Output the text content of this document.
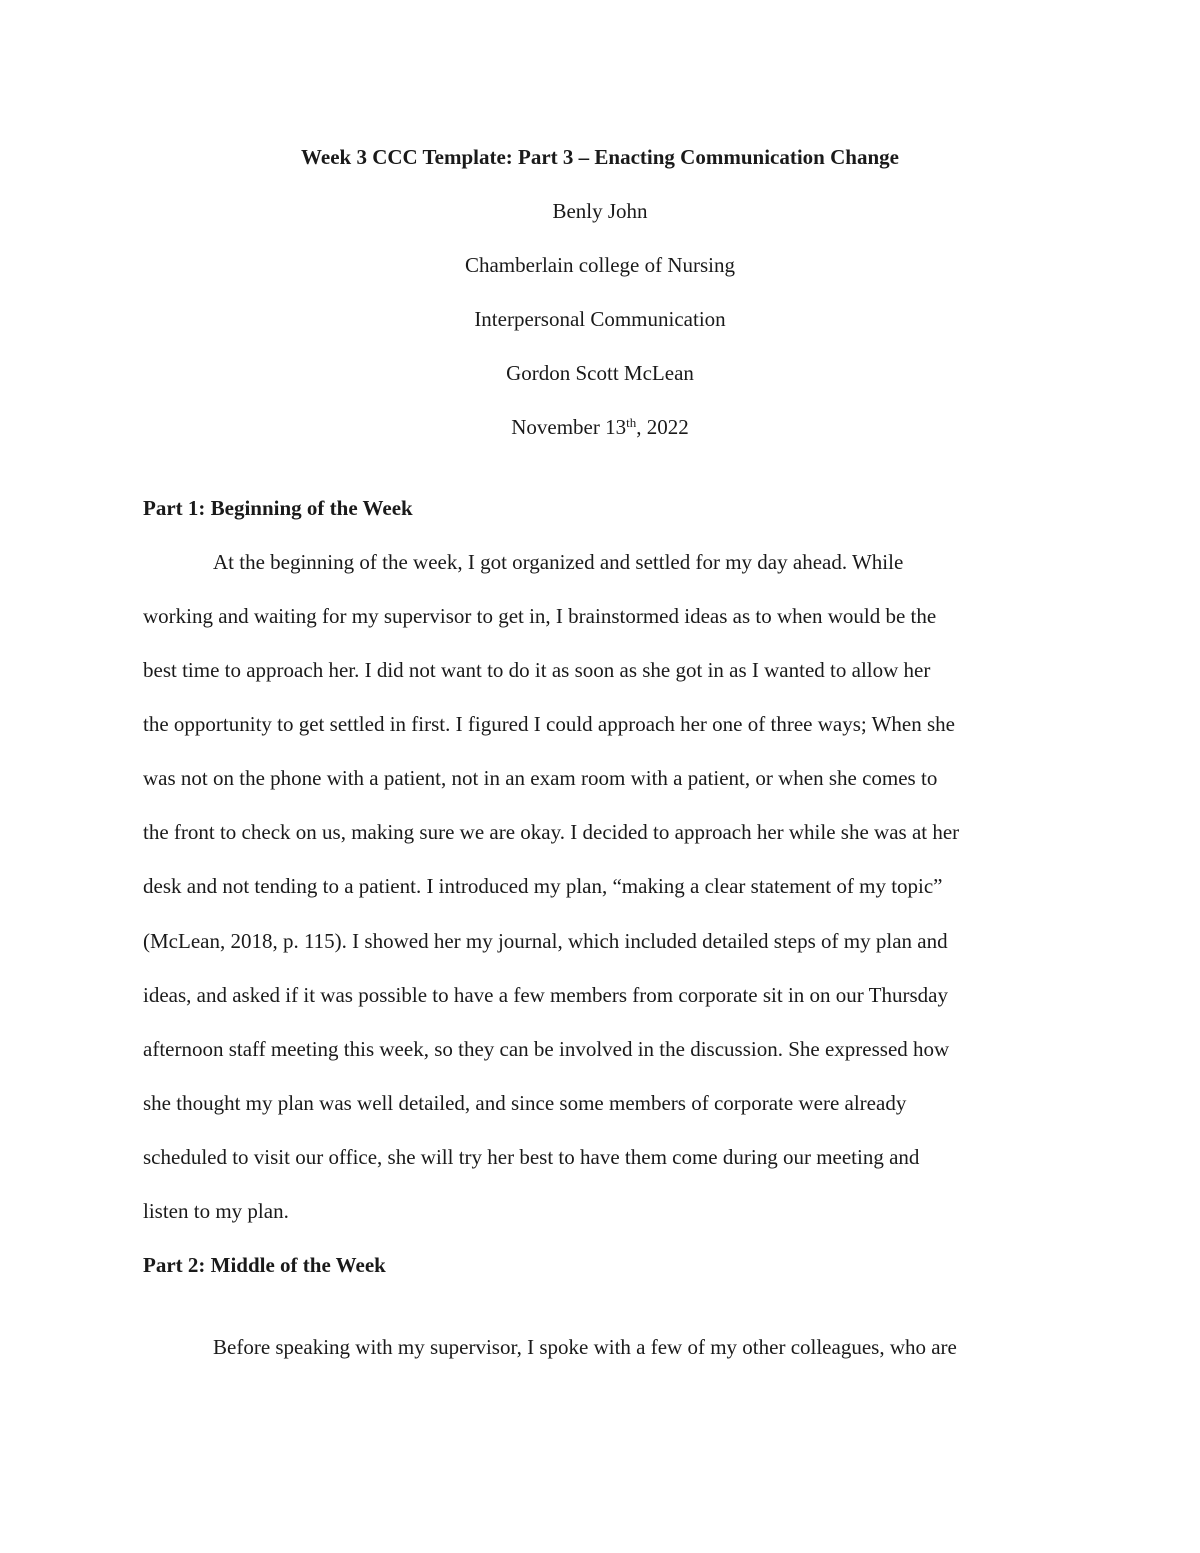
Week 3 CCC Template: Part 3 – Enacting Communication Change
Benly John
Chamberlain college of Nursing
Interpersonal Communication
Gordon Scott McLean
November 13th, 2022
Part 1: Beginning of the Week
At the beginning of the week, I got organized and settled for my day ahead. While
working and waiting for my supervisor to get in, I brainstormed ideas as to when would be the
best time to approach her. I did not want to do it as soon as she got in as I wanted to allow her
the opportunity to get settled in first. I figured I could approach her one of three ways; When she
was not on the phone with a patient, not in an exam room with a patient, or when she comes to
the front to check on us, making sure we are okay. I decided to approach her while she was at her
desk and not tending to a patient. I introduced my plan, “making a clear statement of my topic”
(McLean, 2018, p. 115). I showed her my journal, which included detailed steps of my plan and
ideas, and asked if it was possible to have a few members from corporate sit in on our Thursday
afternoon staff meeting this week, so they can be involved in the discussion. She expressed how
she thought my plan was well detailed, and since some members of corporate were already
scheduled to visit our office, she will try her best to have them come during our meeting and
listen to my plan.
Part 2: Middle of the Week
Before speaking with my supervisor, I spoke with a few of my other colleagues, who are
